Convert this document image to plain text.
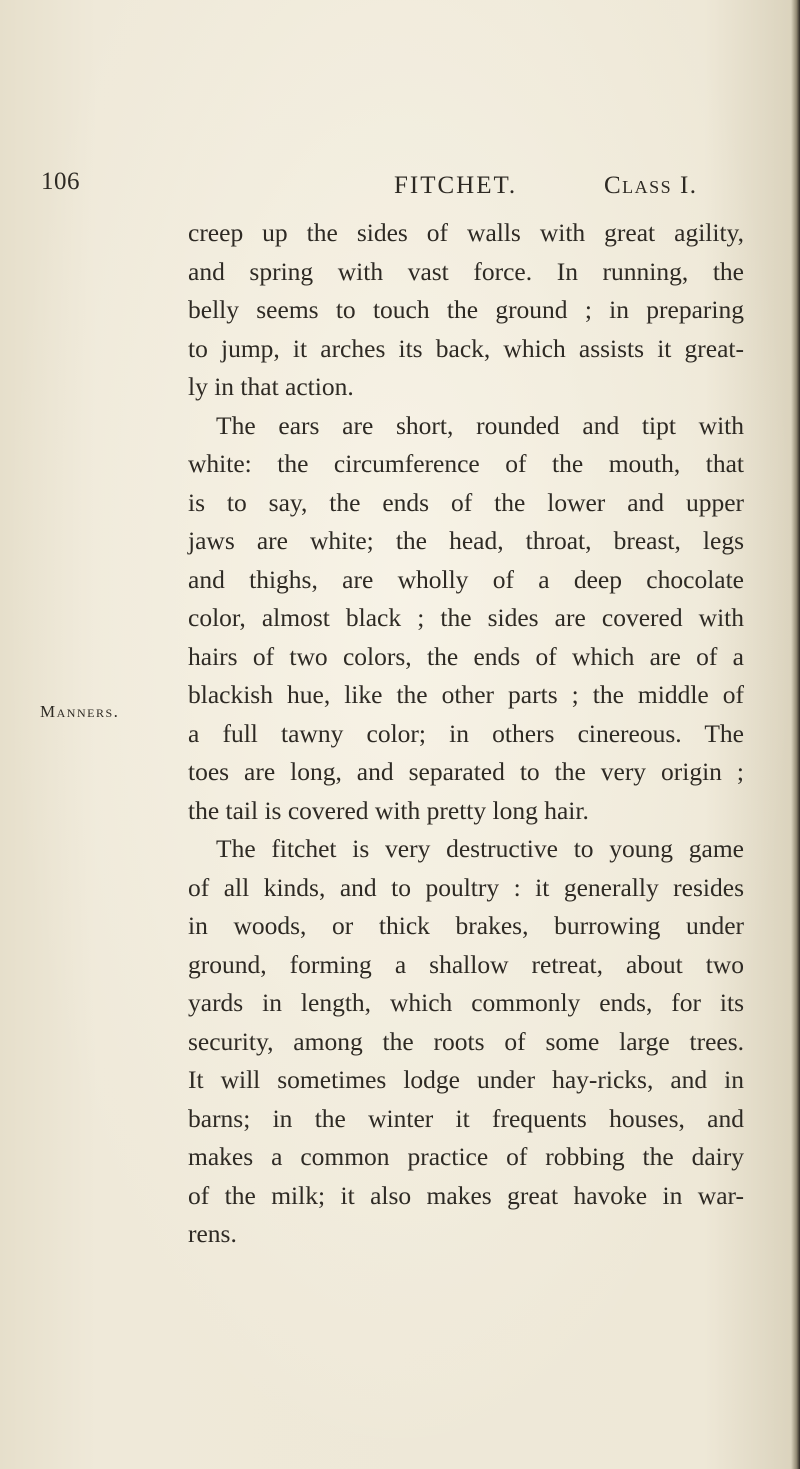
106	FITCHET.	Class I.
Manners.
creep up the sides of walls with great agility,
and spring with vast force. In running, the
belly seems to touch the ground ; in preparing
to jump, it arches its back, which assists it great-
ly in that action.
The ears are short, rounded and tipt with
white: the circumference of the mouth, that
is to say, the ends of the lower and upper
jaws are white; the head, throat, breast, legs
and thighs, are wholly of a deep chocolate
color, almost black ; the sides are covered with
hairs of two colors, the ends of which are of a
blackish hue, like the other parts ; the middle of
a full tawny color; in others cinereous. The
toes are long, and separated to the very origin ;
the tail is covered with pretty long hair.
The fitchet is very destructive to young game
of all kinds, and to poultry : it generally resides
in woods, or thick brakes, burrowing under
ground, forming a shallow retreat, about two
yards in length, which commonly ends, for its
security, among the roots of some large trees.
It will sometimes lodge under hay-ricks, and in
barns; in the winter it frequents houses, and
makes a common practice of robbing the dairy
of the milk; it also makes great havoke in war-
rens.
